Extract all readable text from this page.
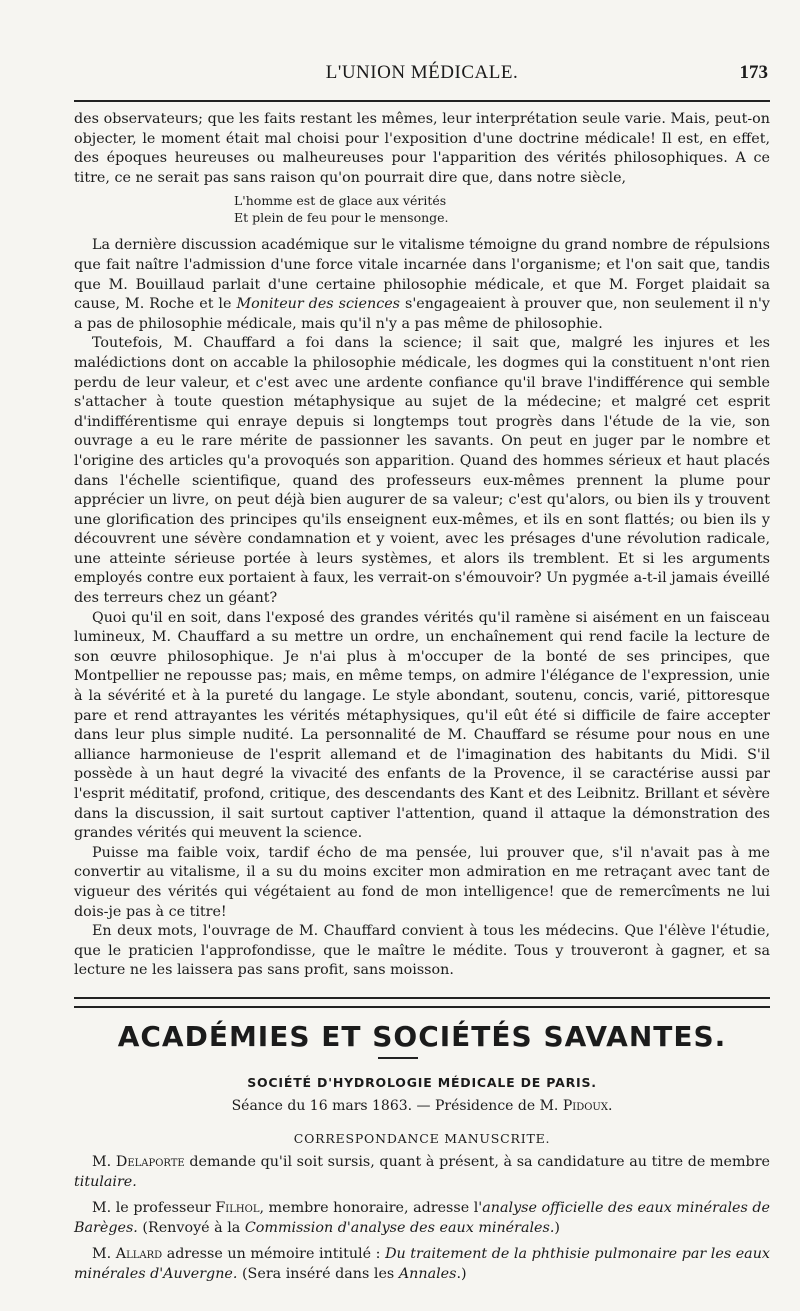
L'UNION MÉDICALE.	173

des observateurs; que les faits restant les mêmes, leur interprétation seule varie. Mais, peut-on objecter, le moment était mal choisi pour l'exposition d'une doctrine médicale! Il est, en effet, des époques heureuses ou malheureuses pour l'apparition des vérités philosophiques. A ce titre, ce ne serait pas sans raison qu'on pourrait dire que, dans notre siècle,

L'homme est de glace aux vérités
Et plein de feu pour le mensonge.

La dernière discussion académique sur le vitalisme témoigne du grand nombre de répulsions que fait naître l'admission d'une force vitale incarnée dans l'organisme; et l'on sait que, tandis que M. Bouillaud parlait d'une certaine philosophie médicale, et que M. Forget plaidait sa cause, M. Roche et le Moniteur des sciences s'engageaient à prouver que, non seulement il n'y a pas de philosophie médicale, mais qu'il n'y a pas même de philosophie.

Toutefois, M. Chauffard a foi dans la science; il sait que, malgré les injures et les malédictions dont on accable la philosophie médicale, les dogmes qui la constituent n'ont rien perdu de leur valeur, et c'est avec une ardente confiance qu'il brave l'indifférence qui semble s'attacher à toute question métaphysique au sujet de la médecine; et malgré cet esprit d'indifférentisme qui enraye depuis si longtemps tout progrès dans l'étude de la vie, son ouvrage a eu le rare mérite de passionner les savants. On peut en juger par le nombre et l'origine des articles qu'a provoqués son apparition. Quand des hommes sérieux et haut placés dans l'échelle scientifique, quand des professeurs eux-mêmes prennent la plume pour apprécier un livre, on peut déjà bien augurer de sa valeur; c'est qu'alors, ou bien ils y trouvent une glorification des principes qu'ils enseignent eux-mêmes, et ils en sont flattés; ou bien ils y découvrent une sévère condamnation et y voient, avec les présages d'une révolution radicale, une atteinte sérieuse portée à leurs systèmes, et alors ils tremblent. Et si les arguments employés contre eux portaient à faux, les verrait-on s'émouvoir? Un pygmée a-t-il jamais éveillé des terreurs chez un géant?

Quoi qu'il en soit, dans l'exposé des grandes vérités qu'il ramène si aisément en un faisceau lumineux, M. Chauffard a su mettre un ordre, un enchaînement qui rend facile la lecture de son œuvre philosophique. Je n'ai plus à m'occuper de la bonté de ses principes, que Montpellier ne repousse pas; mais, en même temps, on admire l'élégance de l'expression, unie à la sévérité et à la pureté du langage. Le style abondant, soutenu, concis, varié, pittoresque pare et rend attrayantes les vérités métaphysiques, qu'il eût été si difficile de faire accepter dans leur plus simple nudité. La personnalité de M. Chauffard se résume pour nous en une alliance harmonieuse de l'esprit allemand et de l'imagination des habitants du Midi. S'il possède à un haut degré la vivacité des enfants de la Provence, il se caractérise aussi par l'esprit méditatif, profond, critique, des descendants des Kant et des Leibnitz. Brillant et sévère dans la discussion, il sait surtout captiver l'attention, quand il attaque la démonstration des grandes vérités qui meuvent la science.

Puisse ma faible voix, tardif écho de ma pensée, lui prouver que, s'il n'avait pas à me convertir au vitalisme, il a su du moins exciter mon admiration en me retraçant avec tant de vigueur des vérités qui végétaient au fond de mon intelligence! que de remercîments ne lui dois-je pas à ce titre!

En deux mots, l'ouvrage de M. Chauffard convient à tous les médecins. Que l'élève l'étudie, que le praticien l'approfondisse, que le maître le médite. Tous y trouveront à gagner, et sa lecture ne les laissera pas sans profit, sans moisson.

ACADÉMIES ET SOCIÉTÉS SAVANTES.
SOCIÉTÉ D'HYDROLOGIE MÉDICALE DE PARIS.
Séance du 16 mars 1863. — Présidence de M. Pidoux.
CORRESPONDANCE MANUSCRITE.

M. Delaporte demande qu'il soit sursis, quant à présent, à sa candidature au titre de membre titulaire.

M. le professeur Filhol, membre honoraire, adresse l'analyse officielle des eaux minérales de Barèges. (Renvoyé à la Commission d'analyse des eaux minérales.)

M. Allard adresse un mémoire intitulé : Du traitement de la phthisie pulmonaire par les eaux minérales d'Auvergne. (Sera inséré dans les Annales.)
